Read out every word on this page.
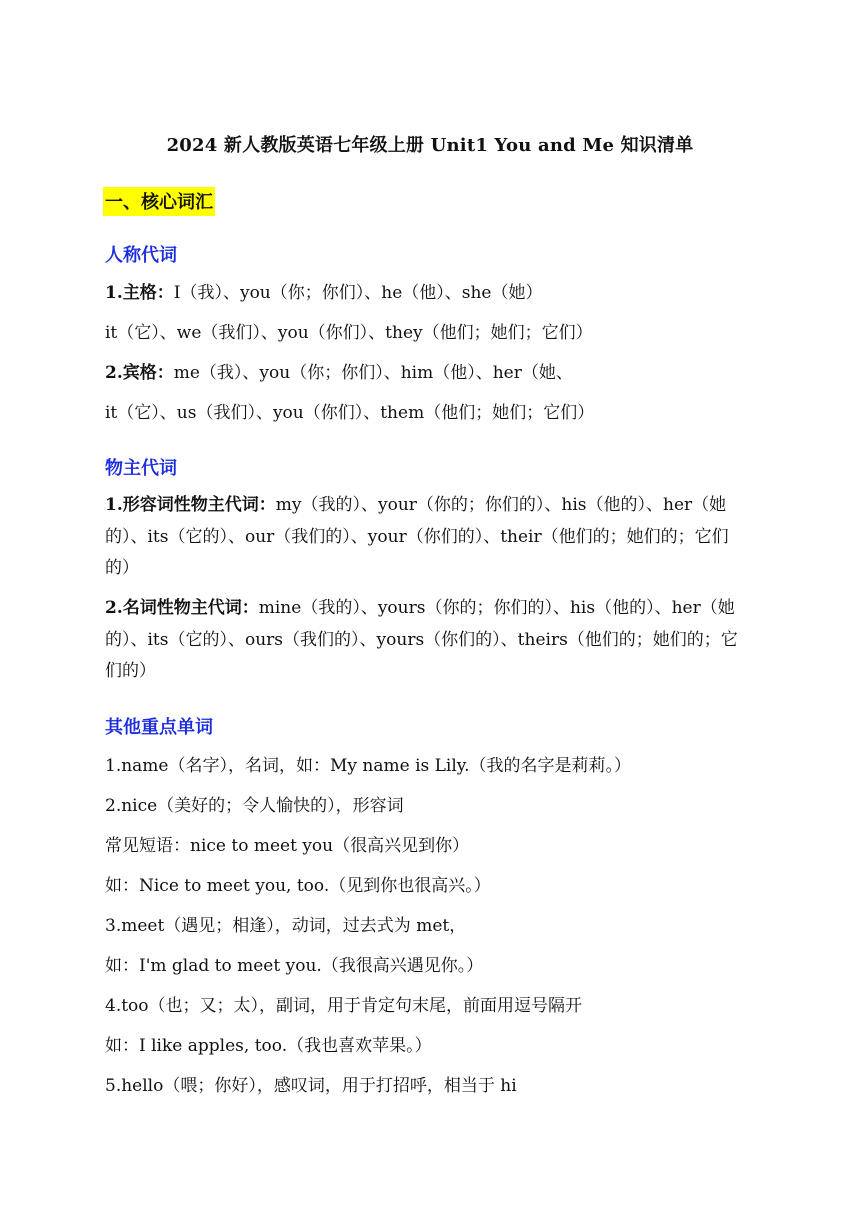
2024 新人教版英语七年级上册 Unit1 You and Me 知识清单
一、核心词汇
人称代词
1.主格：I（我）、you（你；你们）、he（他）、she（她）
it（它）、we（我们）、you（你们）、they（他们；她们；它们）
2.宾格：me（我）、you（你；你们）、him（他）、her（她、
it（它）、us（我们）、you（你们）、them（他们；她们；它们）
物主代词
1.形容词性物主代词：my（我的）、your（你的；你们的）、his（他的）、her（她的）、its（它的）、our（我们的）、your（你们的）、their（他们的；她们的；它们的）
2.名词性物主代词：mine（我的）、yours（你的；你们的）、his（他的）、her（她的）、its（它的）、ours（我们的）、yours（你们的）、theirs（他们的；她们的；它们的）
其他重点单词
1.name（名字），名词，如：My name is Lily.（我的名字是莉莉。）
2.nice（美好的；令人愉快的），形容词
常见短语：nice to meet you（很高兴见到你）
如：Nice to meet you, too.（见到你也很高兴。）
3.meet（遇见；相逢），动词，过去式为 met，
如：I'm glad to meet you.（我很高兴遇见你。）
4.too（也；又；太），副词，用于肯定句末尾，前面用逗号隔开
如：I like apples, too.（我也喜欢苹果。）
5.hello（喂；你好），感叹词，用于打招呼，相当于 hi
